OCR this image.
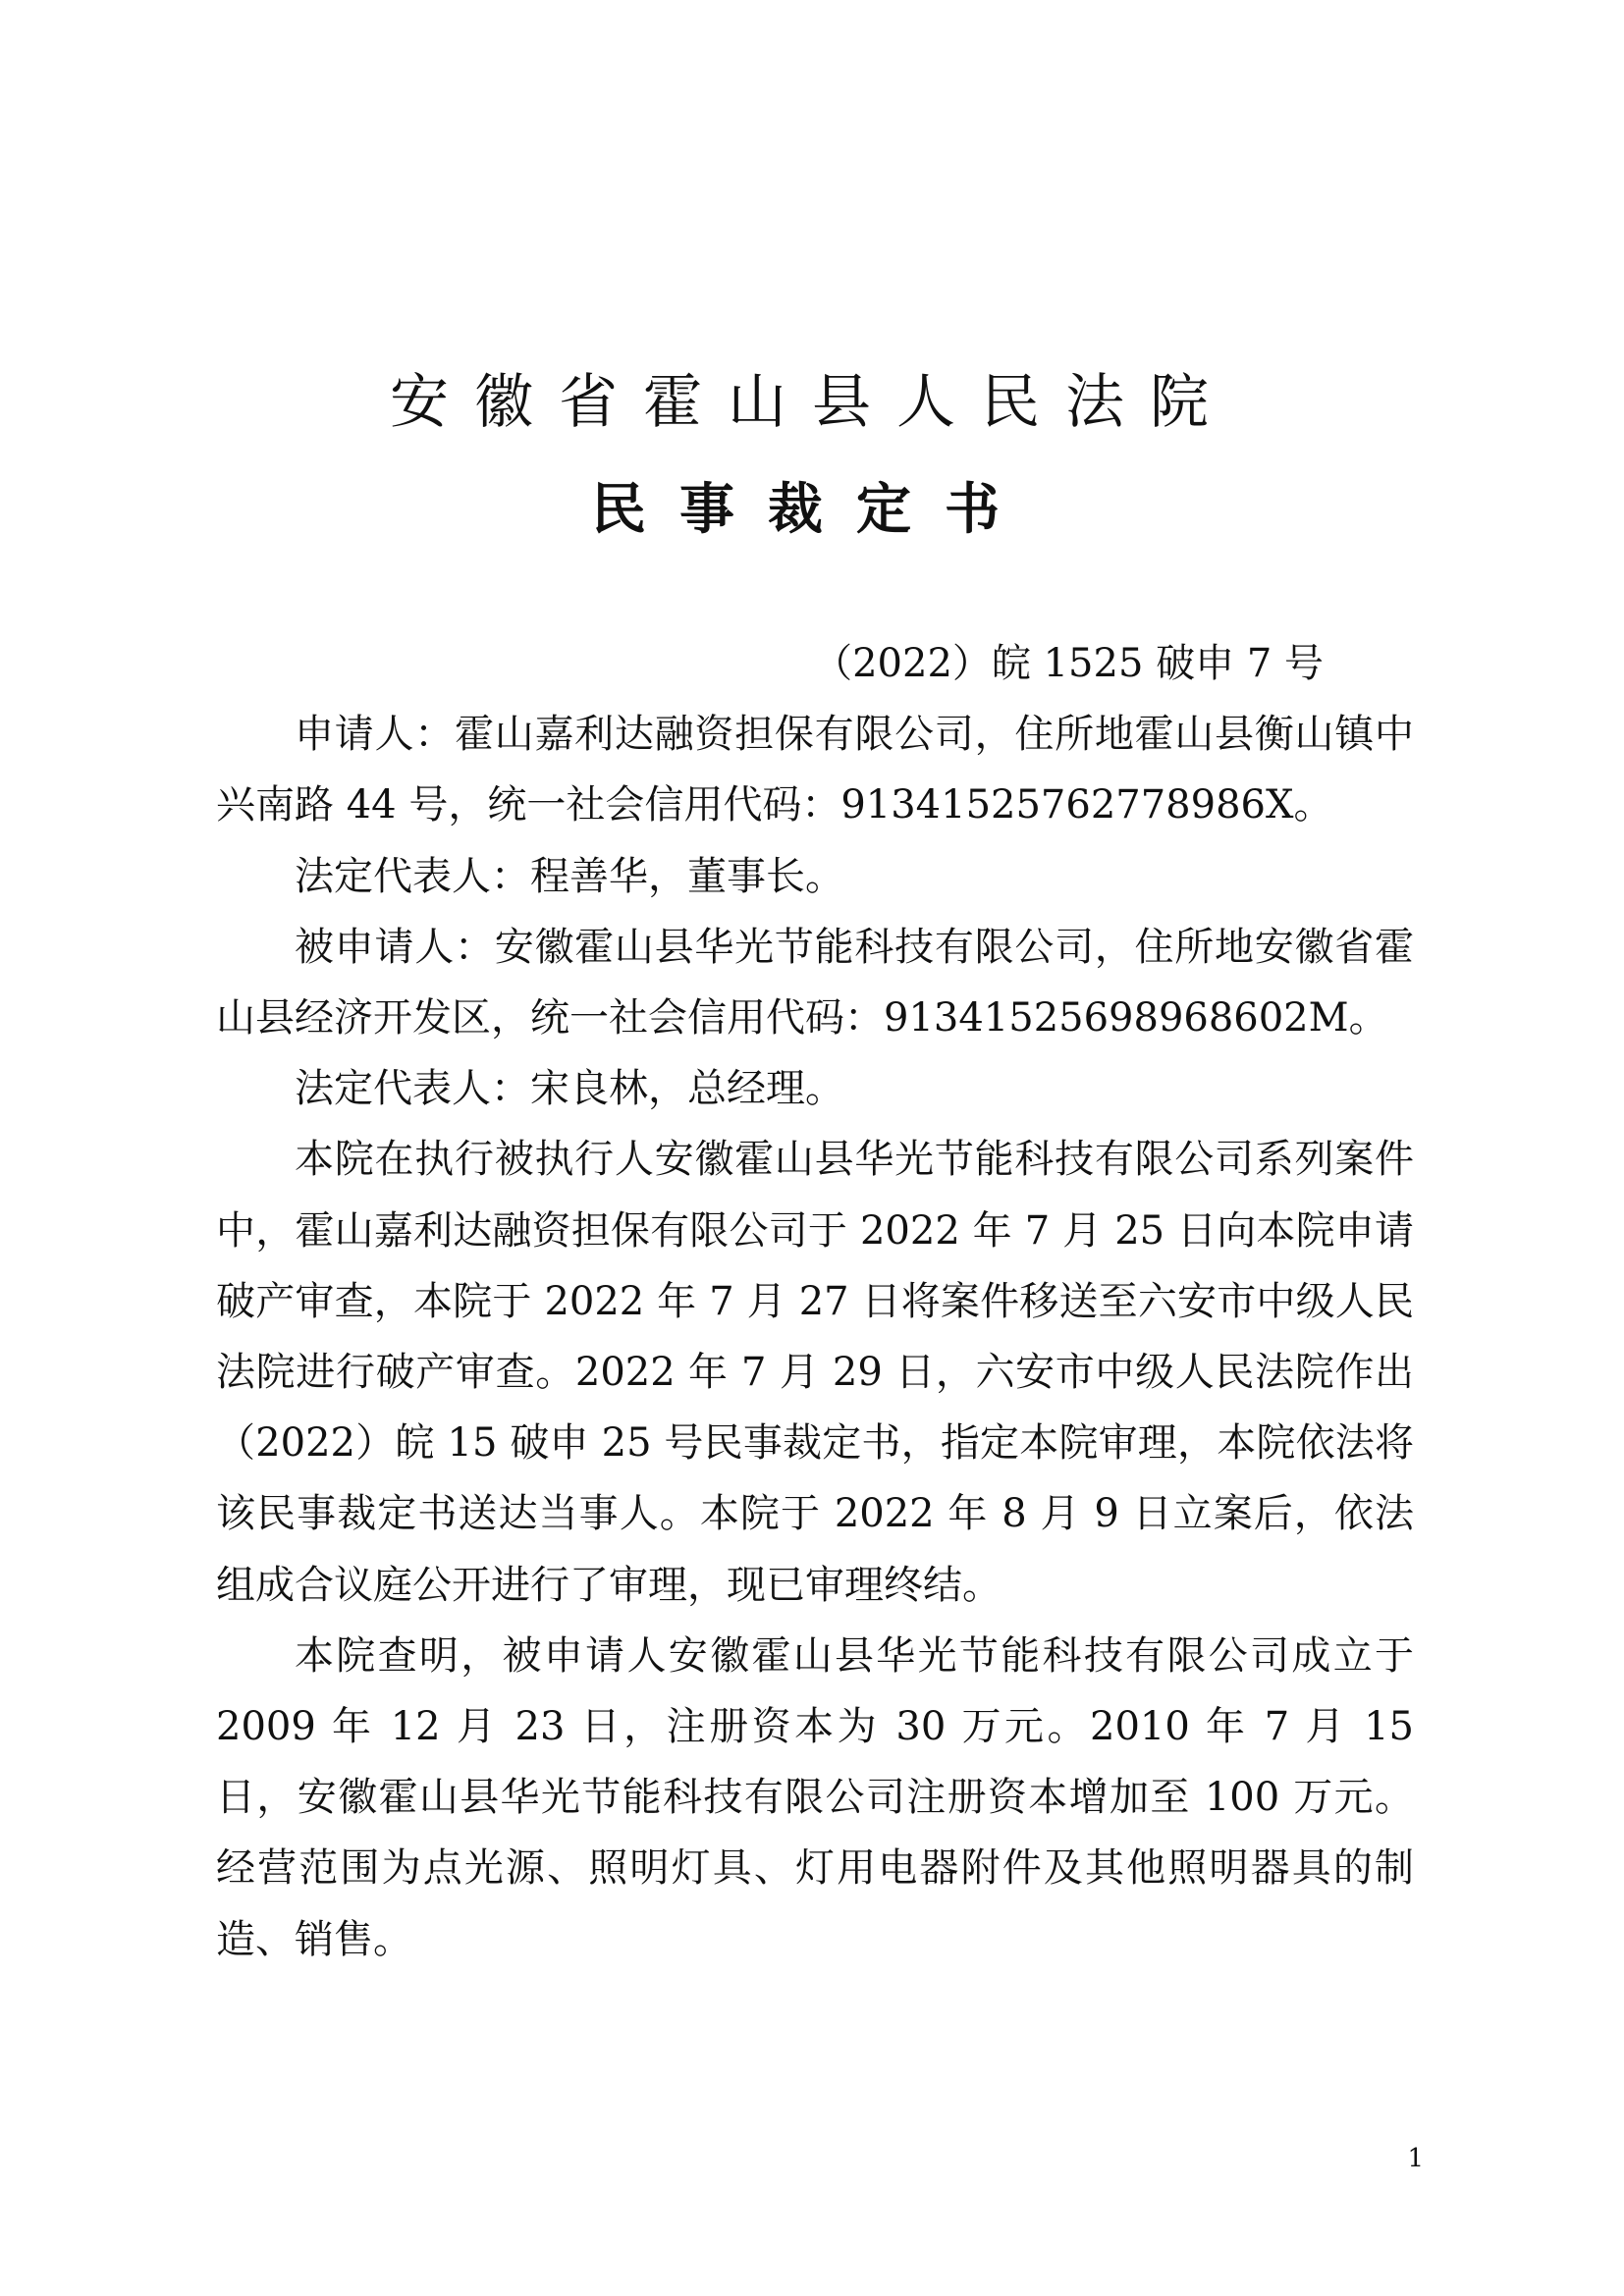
安徽省霍山县人民法院
民事裁定书

（2022）皖 1525 破申 7 号

申请人：霍山嘉利达融资担保有限公司，住所地霍山县衡山镇中兴南路 44 号，统一社会信用代码：91341525762778986X。

法定代表人：程善华，董事长。

被申请人：安徽霍山县华光节能科技有限公司，住所地安徽省霍山县经济开发区，统一社会信用代码：91341525698968602M。

法定代表人：宋良林，总经理。

本院在执行被执行人安徽霍山县华光节能科技有限公司系列案件中，霍山嘉利达融资担保有限公司于 2022 年 7 月 25 日向本院申请破产审查，本院于 2022 年 7 月 27 日将案件移送至六安市中级人民法院进行破产审查。2022 年 7 月 29 日，六安市中级人民法院作出（2022）皖 15 破申 25 号民事裁定书，指定本院审理，本院依法将该民事裁定书送达当事人。本院于 2022 年 8 月 9 日立案后，依法组成合议庭公开进行了审理，现已审理终结。

本院查明，被申请人安徽霍山县华光节能科技有限公司成立于 2009 年 12 月 23 日，注册资本为 30 万元。2010 年 7 月 15 日，安徽霍山县华光节能科技有限公司注册资本增加至 100 万元。经营范围为点光源、照明灯具、灯用电器附件及其他照明器具的制造、销售。

1
